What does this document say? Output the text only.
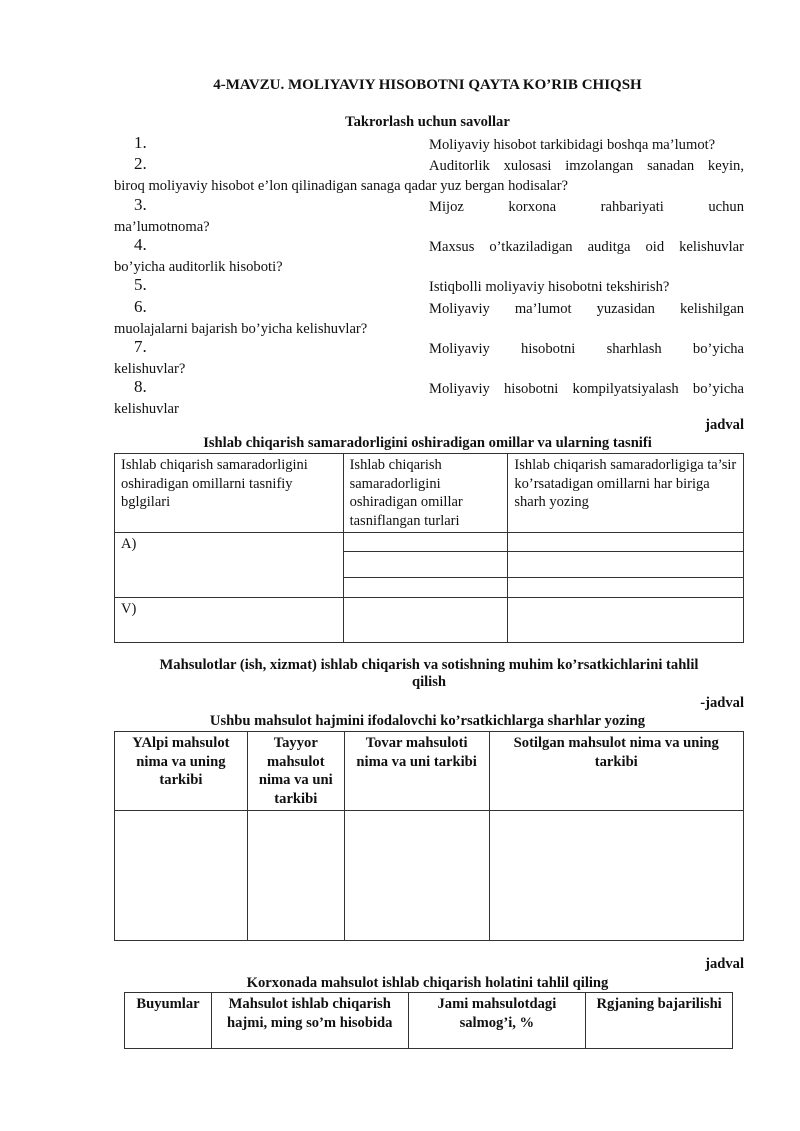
4-MAVZU. MOLIYAVIY HISOBOTNI QAYTA KO’RIB CHIQSH
Takrorlash uchun savollar
1.	Moliyaviy hisobot tarkibidagi boshqa ma’lumot?
2.	Auditorlik xulosasi imzolangan sanadan keyin,
biroq moliyaviy hisobot e’lon qilinadigan sanaga qadar yuz bergan hodisalar?
3.	Mijoz korxona rahbariyati uchun
ma’lumotnoma?
4.	Maxsus o’tkaziladigan auditga oid kelishuvlar
bo’yicha auditorlik hisoboti?
5.	Istiqbolli moliyaviy hisobotni tekshirish?
6.	Moliyaviy ma’lumot yuzasidan kelishilgan
muolajalarni bajarish bo’yicha kelishuvlar?
7.	Moliyaviy hisobotni sharhlash bo’yicha
kelishuvlar?
8.	Moliyaviy hisobotni kompilyatsiyalash bo’yicha
kelishuvlar
jadval
Ishlab chiqarish samaradorligini oshiradigan omillar va ularning tasnifi
Ishlab chiqarish samaradorligini oshiradigan omillarni tasnifiy bglgilari	Ishlab chiqarish samaradorligini oshiradigan omillar tasniflangan turlari	Ishlab chiqarish samaradorligiga ta’sir ko’rsatadigan omillarni har biriga sharh yozing
A)		

V)		
Mahsulotlar (ish, xizmat) ishlab chiqarish va sotishning muhim ko’rsatkichlarini tahlil
qilish
-jadval
Ushbu mahsulot hajmini ifodalovchi ko’rsatkichlarga sharhlar yozing
YAlpi mahsulot nima va uning tarkibi	Tayyor mahsulot nima va uni tarkibi	Tovar mahsuloti nima va uni tarkibi	Sotilgan mahsulot nima va uning tarkibi

jadval
Korxonada mahsulot ishlab chiqarish holatini tahlil qiling
Buyumlar	Mahsulot ishlab chiqarish hajmi, ming so’m hisobida	Jami mahsulotdagi salmog’i, %	Rgjaning bajarilishi
